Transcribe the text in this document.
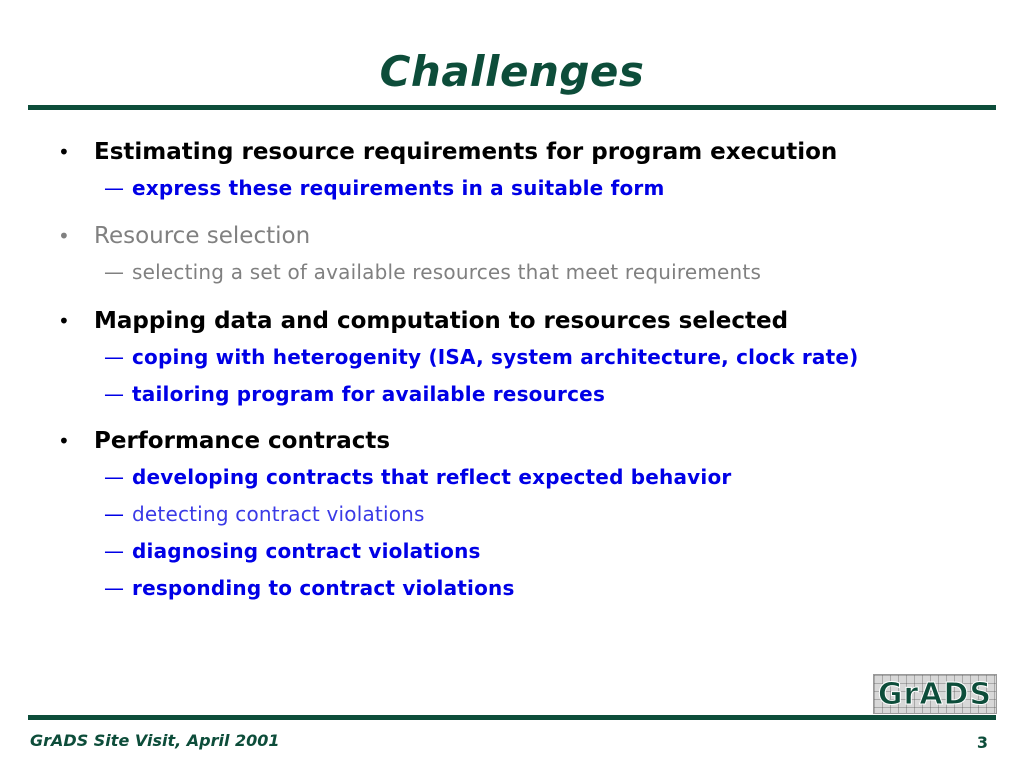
Challenges
•	Estimating resource requirements for program execution
— express these requirements in a suitable form
•	Resource selection
— selecting a set of available resources that meet requirements
•	Mapping data and computation to resources selected
— coping with heterogenity (ISA, system architecture, clock rate)
— tailoring program for available resources
•	Performance contracts
— developing contracts that reflect expected behavior
— detecting contract violations
— diagnosing contract violations
— responding to contract violations
GrADS
GrADS Site Visit, April 2001	3
